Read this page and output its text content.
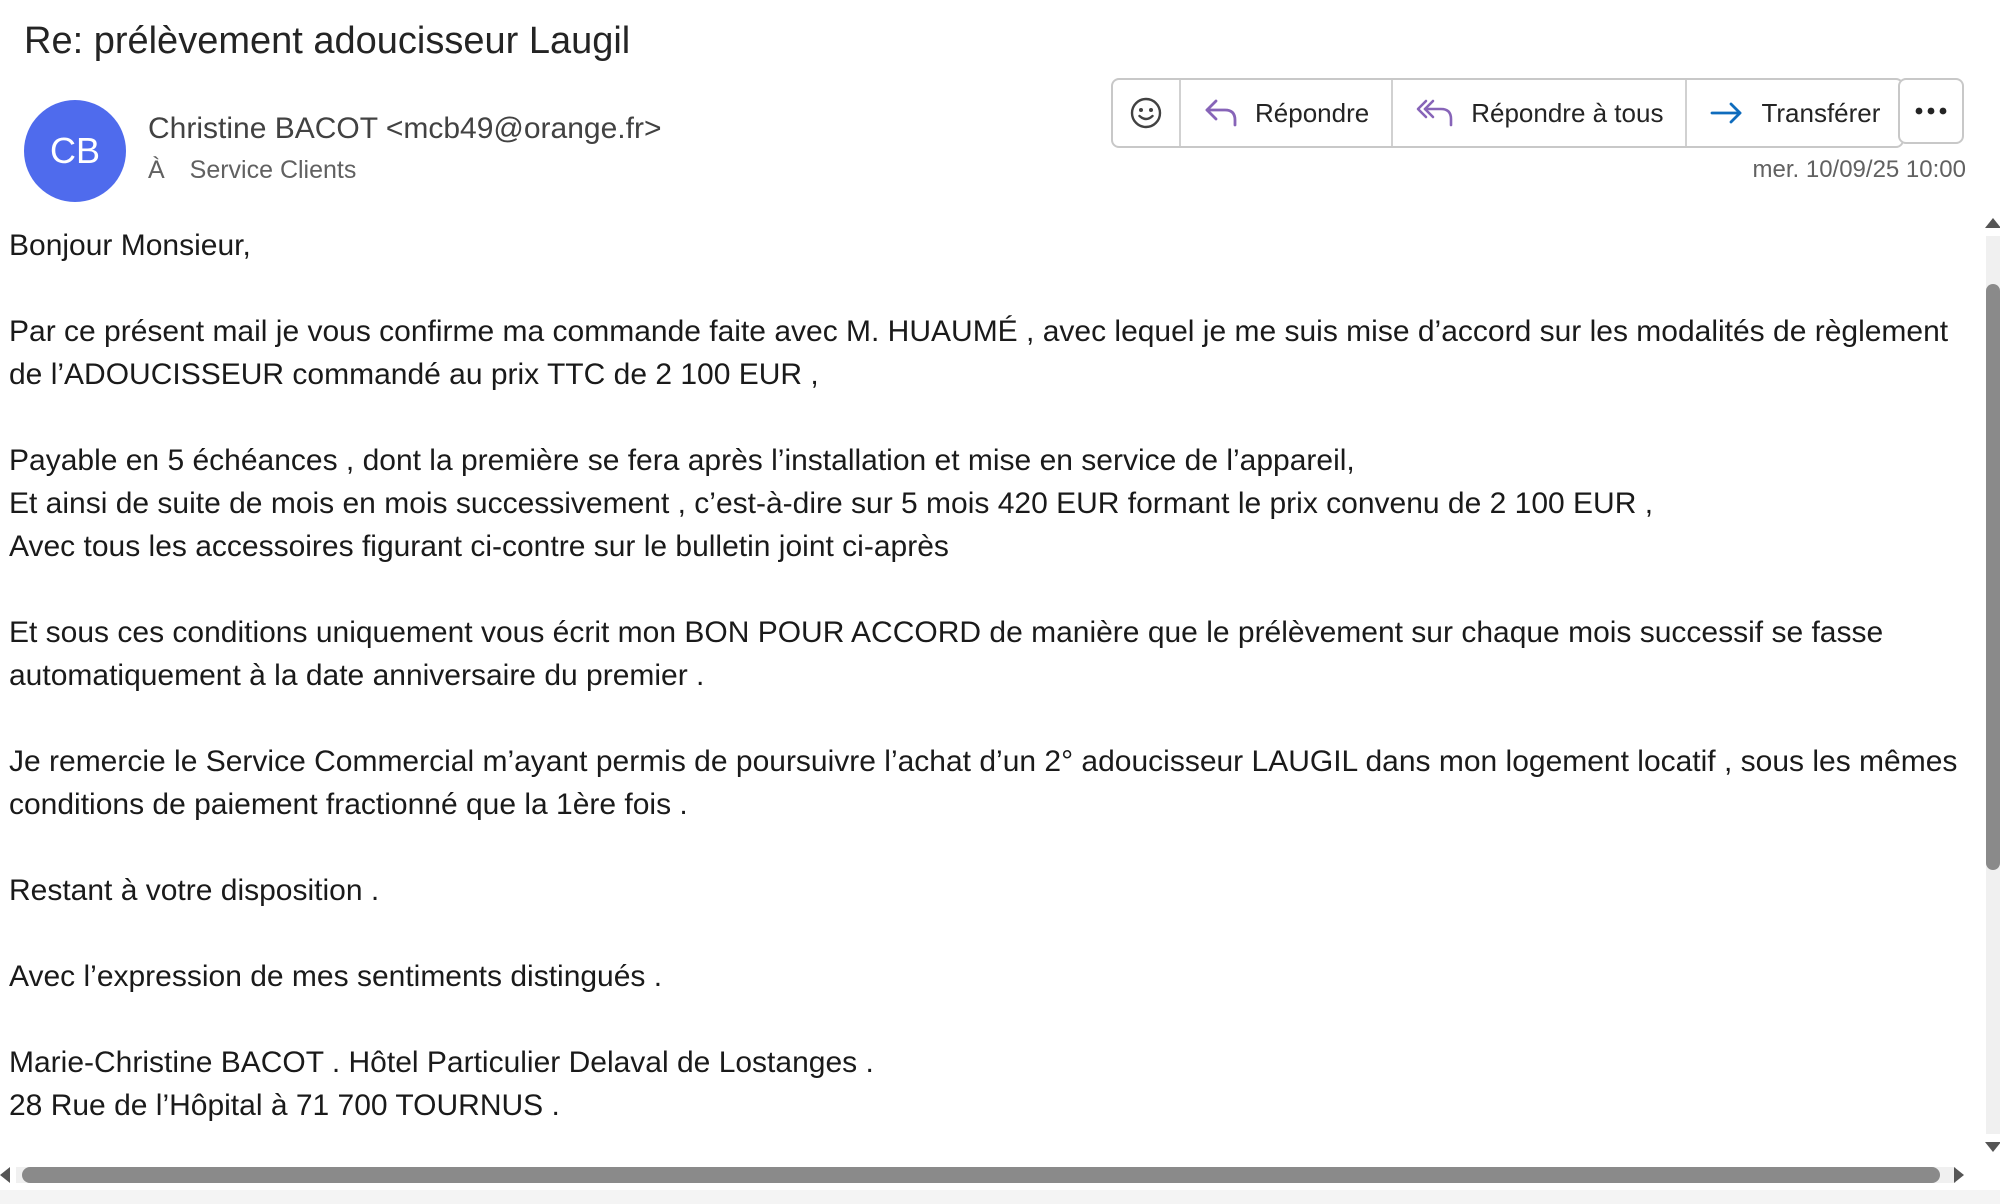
Re: prélèvement adoucisseur Laugil
CB
Christine BACOT <mcb49@orange.fr>
À Service Clients
Répondre	Répondre à tous	Transférer
mer. 10/09/25 10:00

Bonjour Monsieur,

Par ce présent mail je vous confirme ma commande faite avec M. HUAUMÉ , avec lequel je me suis mise d’accord sur les modalités de règlement de l’ADOUCISSEUR commandé au prix TTC de 2 100 EUR ,

Payable en 5 échéances , dont la première se fera après l’installation et mise en service de l’appareil,
Et ainsi de suite de mois en mois successivement , c’est-à-dire sur 5 mois 420 EUR formant le prix convenu de 2 100 EUR ,
Avec tous les accessoires figurant ci-contre sur le bulletin joint ci-après

Et sous ces conditions uniquement vous écrit mon BON POUR ACCORD de manière que le prélèvement sur chaque mois successif se fasse automatiquement à la date anniversaire du premier .

Je remercie le Service Commercial m’ayant permis de poursuivre l’achat d’un 2° adoucisseur LAUGIL dans mon logement locatif , sous les mêmes conditions de paiement fractionné que la 1ère fois .

Restant à votre disposition .

Avec l’expression de mes sentiments distingués .

Marie-Christine BACOT . Hôtel Particulier Delaval de Lostanges .
28 Rue de l’Hôpital à 71 700 TOURNUS .
